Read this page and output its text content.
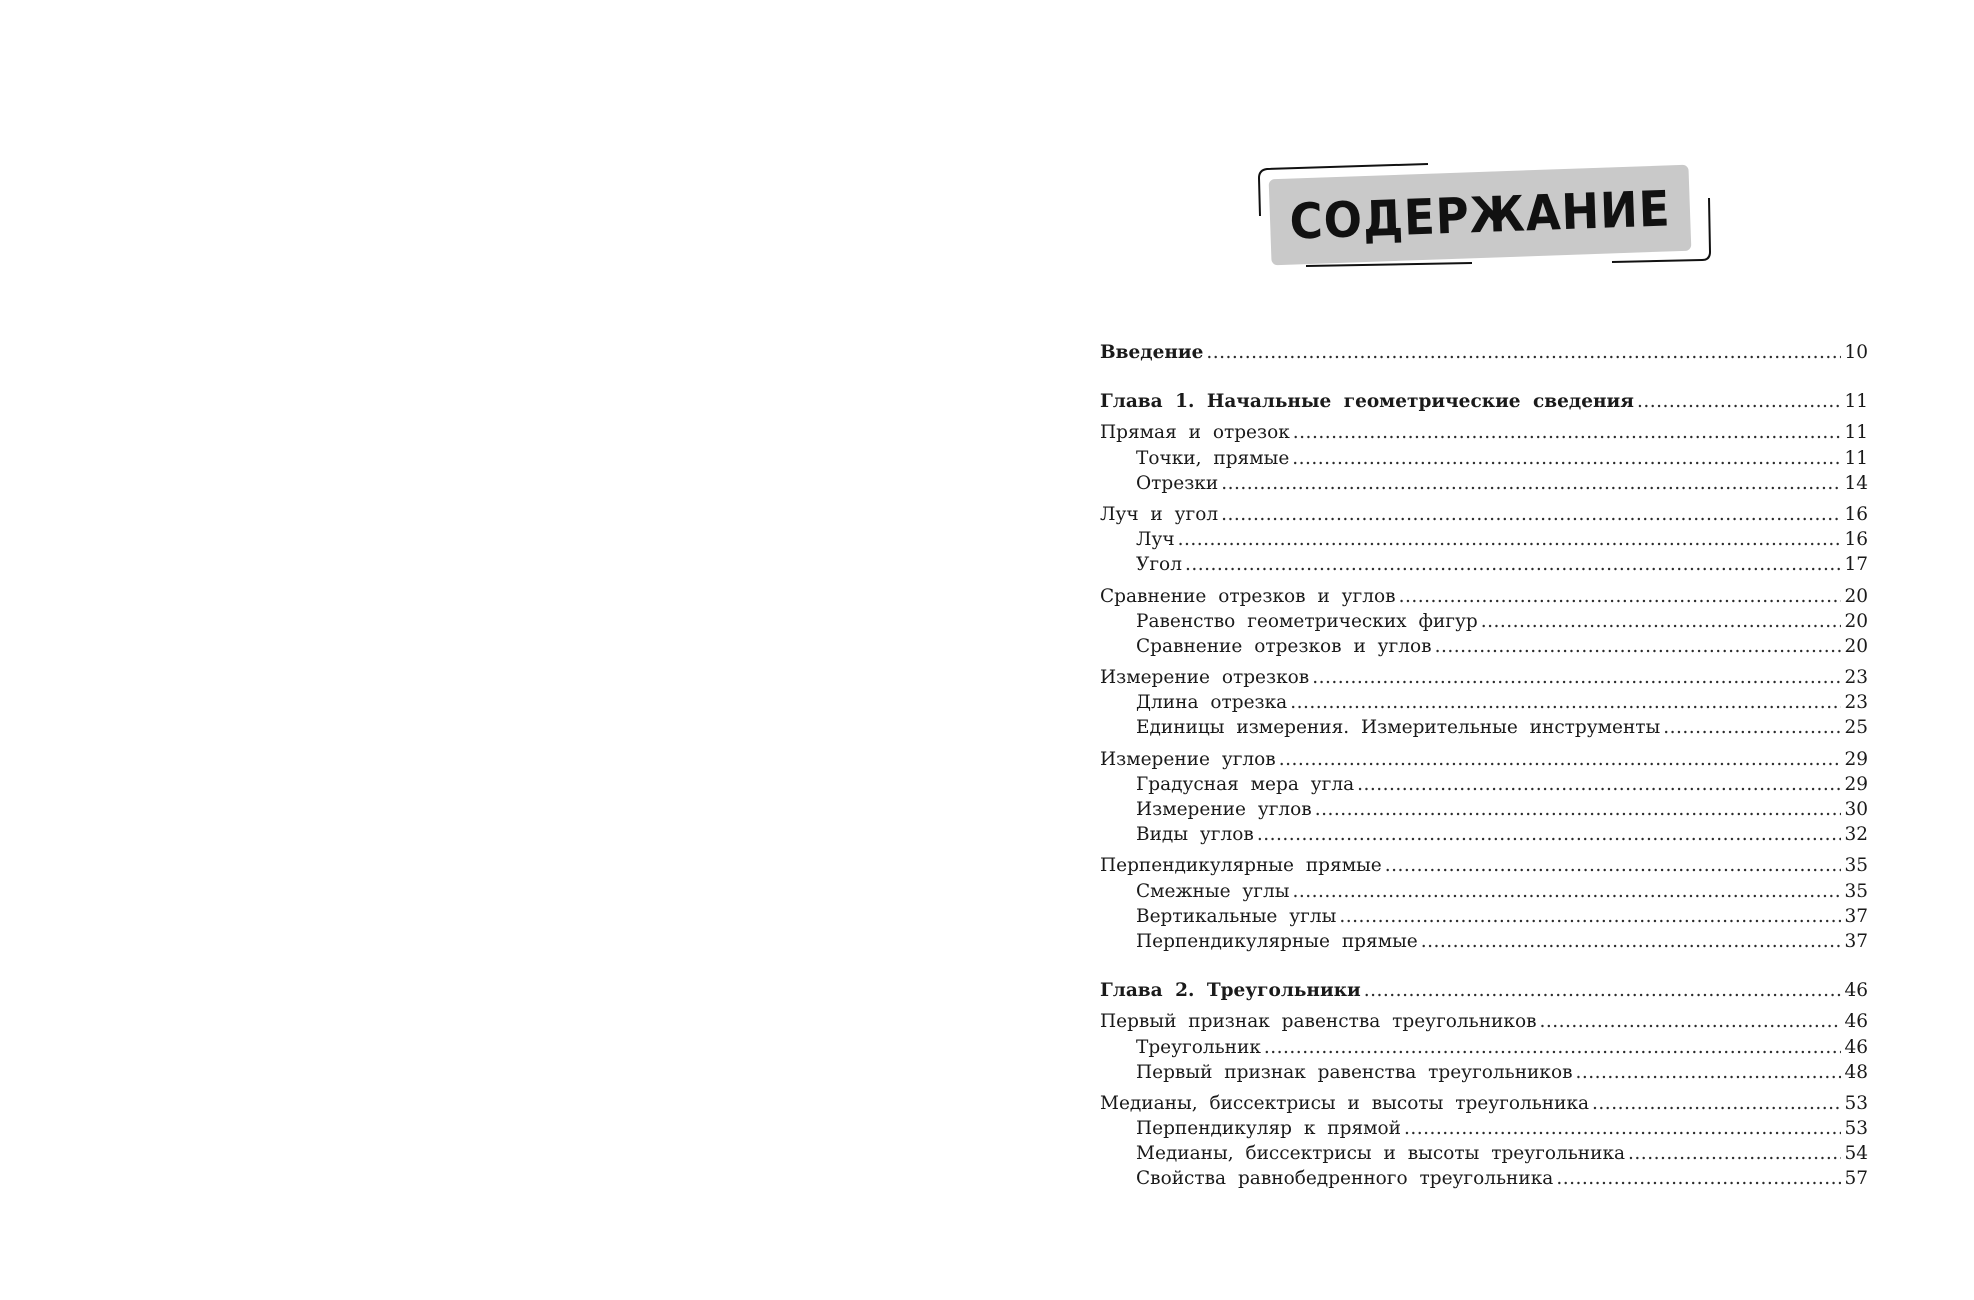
СОДЕРЖАНИЕ
Введение .....	10
Глава 1. Начальные геометрические сведения .....	11
Прямая и отрезок .....	11
Точки, прямые .....	11
Отрезки .....	14
Луч и угол .....	16
Луч .....	16
Угол .....	17
Сравнение отрезков и углов .....	20
Равенство геометрических фигур .....	20
Сравнение отрезков и углов .....	20
Измерение отрезков .....	23
Длина отрезка .....	23
Единицы измерения. Измерительные инструменты .....	25
Измерение углов .....	29
Градусная мера угла .....	29
Измерение углов .....	30
Виды углов .....	32
Перпендикулярные прямые .....	35
Смежные углы .....	35
Вертикальные углы .....	37
Перпендикулярные прямые .....	37
Глава 2. Треугольники .....	46
Первый признак равенства треугольников .....	46
Треугольник .....	46
Первый признак равенства треугольников .....	48
Медианы, биссектрисы и высоты треугольника .....	53
Перпендикуляр к прямой .....	53
Медианы, биссектрисы и высоты треугольника .....	54
Свойства равнобедренного треугольника .....	57
